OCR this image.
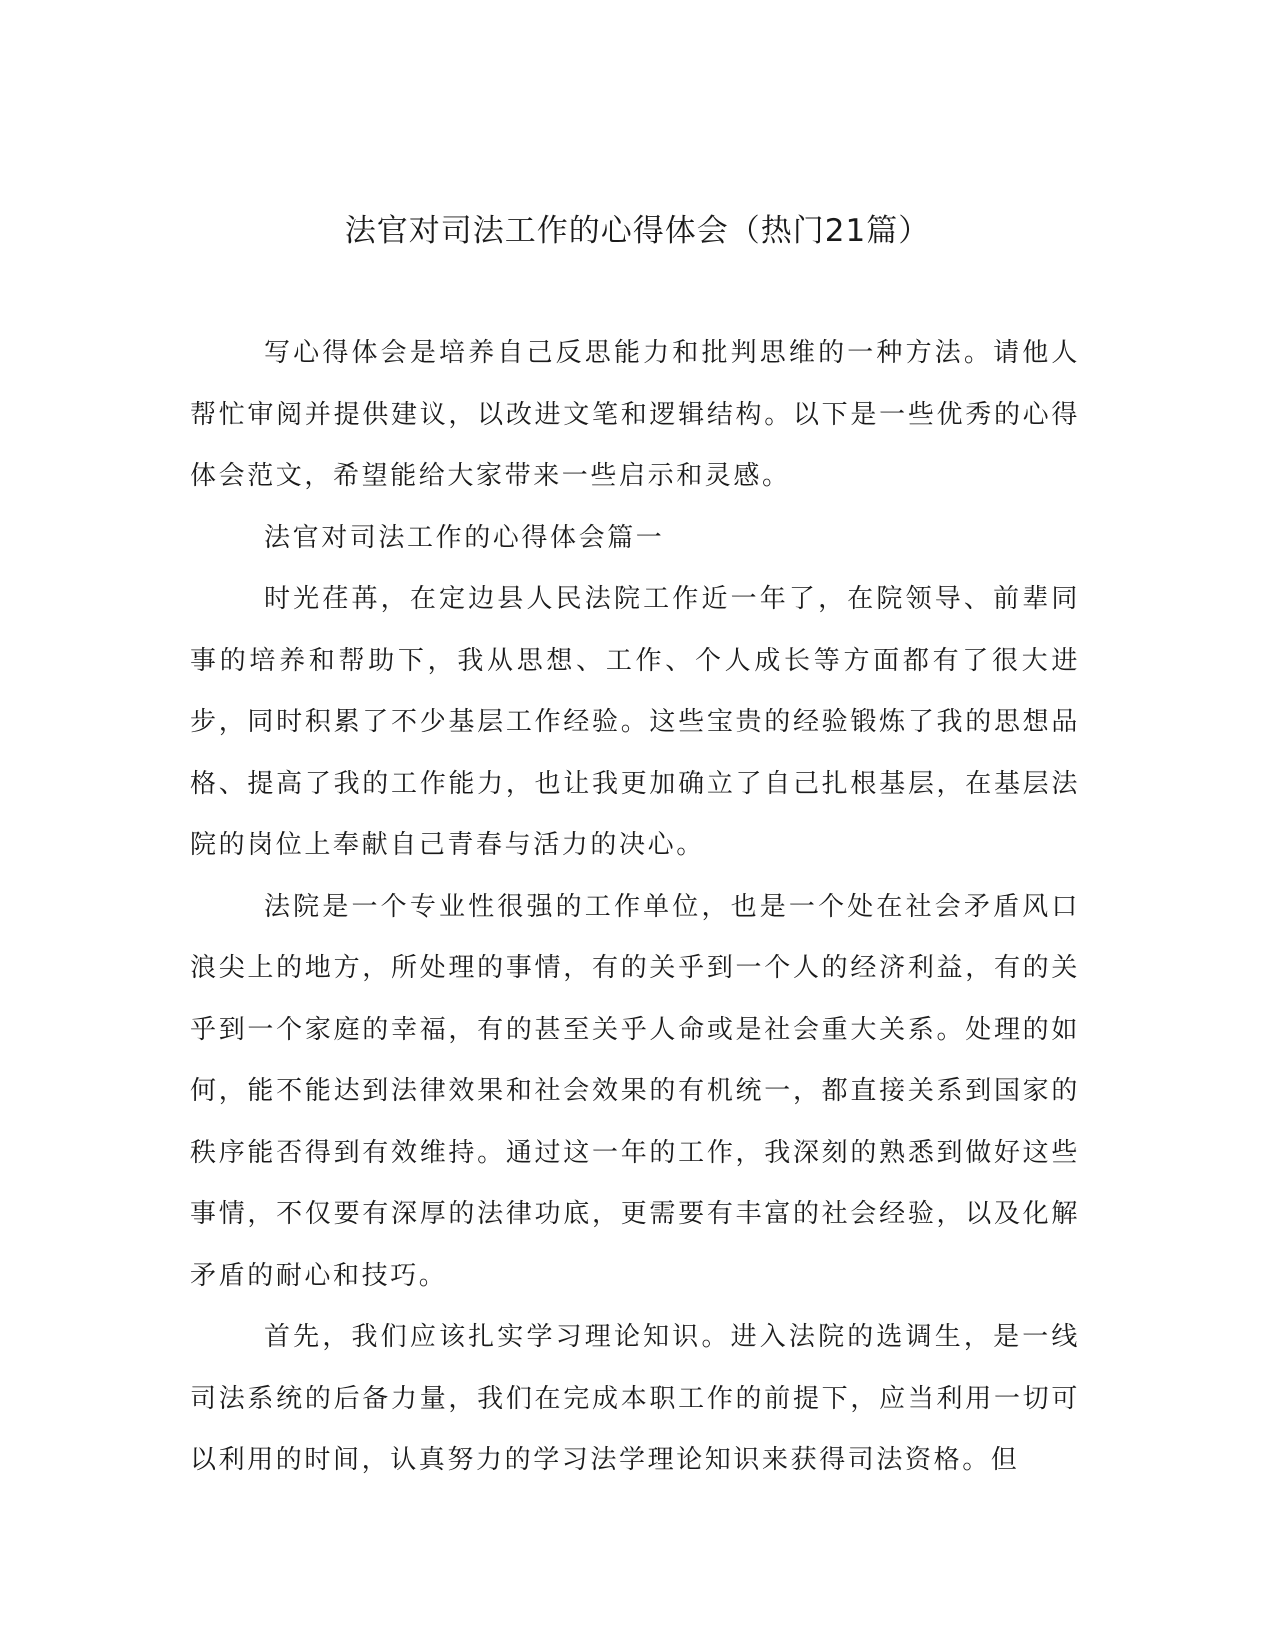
法官对司法工作的心得体会（热门21篇）

写心得体会是培养自己反思能力和批判思维的一种方法。请他人帮忙审阅并提供建议，以改进文笔和逻辑结构。以下是一些优秀的心得体会范文，希望能给大家带来一些启示和灵感。

法官对司法工作的心得体会篇一

时光荏苒，在定边县人民法院工作近一年了，在院领导、前辈同事的培养和帮助下，我从思想、工作、个人成长等方面都有了很大进步，同时积累了不少基层工作经验。这些宝贵的经验锻炼了我的思想品格、提高了我的工作能力，也让我更加确立了自己扎根基层，在基层法院的岗位上奉献自己青春与活力的决心。

法院是一个专业性很强的工作单位，也是一个处在社会矛盾风口浪尖上的地方，所处理的事情，有的关乎到一个人的经济利益，有的关乎到一个家庭的幸福，有的甚至关乎人命或是社会重大关系。处理的如何，能不能达到法律效果和社会效果的有机统一，都直接关系到国家的秩序能否得到有效维持。通过这一年的工作，我深刻的熟悉到做好这些事情，不仅要有深厚的法律功底，更需要有丰富的社会经验，以及化解矛盾的耐心和技巧。

首先，我们应该扎实学习理论知识。进入法院的选调生，是一线司法系统的后备力量，我们在完成本职工作的前提下，应当利用一切可以利用的时间，认真努力的学习法学理论知识来获得司法资格。但
